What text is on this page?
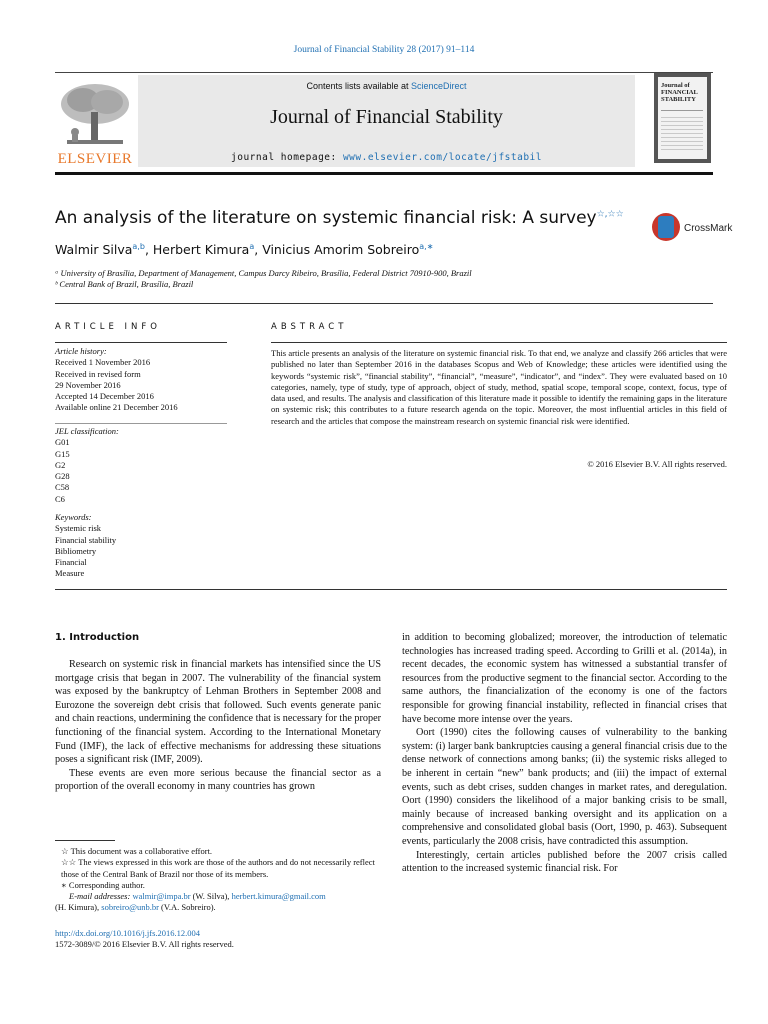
Journal of Financial Stability 28 (2017) 91–114
ELSEVIER
Contents lists available at ScienceDirect
Journal of Financial Stability
journal homepage: www.elsevier.com/locate/jfstabil
Journal of FINANCIAL STABILITY
An analysis of the literature on systemic financial risk: A survey☆,☆☆
CrossMark
Walmir Silva$^{a,b}$, Herbert Kimura$^a$, Vinicius Amorim Sobreiro$^{a,∗}$
ᵃ University of Brasília, Department of Management, Campus Darcy Ribeiro, Brasília, Federal District 70910-900, Brazil
ᵇ Central Bank of Brazil, Brasília, Brazil
ARTICLE INFO
Article history:
Received 1 November 2016
Received in revised form
29 November 2016
Accepted 14 December 2016
Available online 21 December 2016
JEL classification:
G01
G15
G2
G28
C58
C6
Keywords:
Systemic risk
Financial stability
Bibliometry
Financial
Measure
ABSTRACT
This article presents an analysis of the literature on systemic financial risk. To that end, we analyze and classify 266 articles that were published no later than September 2016 in the databases Scopus and Web of Knowledge; these articles were identified using the keywords “systemic risk”, “financial stability”, “financial”, “measure”, “indicator”, and “index”. They were evaluated based on 10 categories, namely, type of study, type of approach, object of study, method, spatial scope, temporal scope, context, focus, type of data used, and results. The analysis and classification of this literature made it possible to identify the remaining gaps in the literature on systemic risk; this contributes to a future research agenda on the topic. Moreover, the most influential articles in this field of research and the articles that compose the mainstream research on systemic financial risk were identified.
© 2016 Elsevier B.V. All rights reserved.
1. Introduction

Research on systemic risk in financial markets has intensified since the US mortgage crisis that began in 2007. The vulnerability of the financial system was exposed by the bankruptcy of Lehman Brothers in September 2008 and Eurozone the sovereign debt crisis that followed. Such events generate panic and chain reactions, undermining the confidence that is necessary for the proper functioning of the financial system. According to the International Monetary Fund (IMF), the lack of effective mechanisms for addressing these situations poses a significant risk (IMF, 2009).

These events are even more serious because the financial sector as a proportion of the overall economy in many countries has grown

in addition to becoming globalized; moreover, the introduction of telematic technologies has increased trading speed. According to Grilli et al. (2014a), in recent decades, the economic system has witnessed a substantial transfer of resources from the productive segment to the financial sector. According to the same authors, the financialization of the economy is one of the factors responsible for growing financial instability, reflected in financial crises that have become more intense over the years.

Oort (1990) cites the following causes of vulnerability to the banking system: (i) larger bank bankruptcies causing a general financial crisis due to the dense network of connections among banks; (ii) the systemic risks alleged to be inherent in certain “new” bank products; and (iii) the impact of external events, such as debt crises, sudden changes in market rates, and deregulation. Oort (1990) considers the likelihood of a major banking crisis to be small, mainly because of increased banking oversight and its application on a comprehensive and consolidated global basis (Oort, 1990, p. 463). Subsequent events, particularly the 2008 crisis, have contradicted this assumption.

Interestingly, certain articles published before the 2007 crisis called attention to the increased systemic financial risk. For

☆ This document was a collaborative effort.
☆☆ The views expressed in this work are those of the authors and do not necessarily reflect those of the Central Bank of Brazil nor those of its members.
∗ Corresponding author.
E-mail addresses: walmir@impa.br (W. Silva), herbert.kimura@gmail.com
(H. Kimura), sobreiro@unb.br (V.A. Sobreiro).
http://dx.doi.org/10.1016/j.jfs.2016.12.004
1572-3089/© 2016 Elsevier B.V. All rights reserved.
